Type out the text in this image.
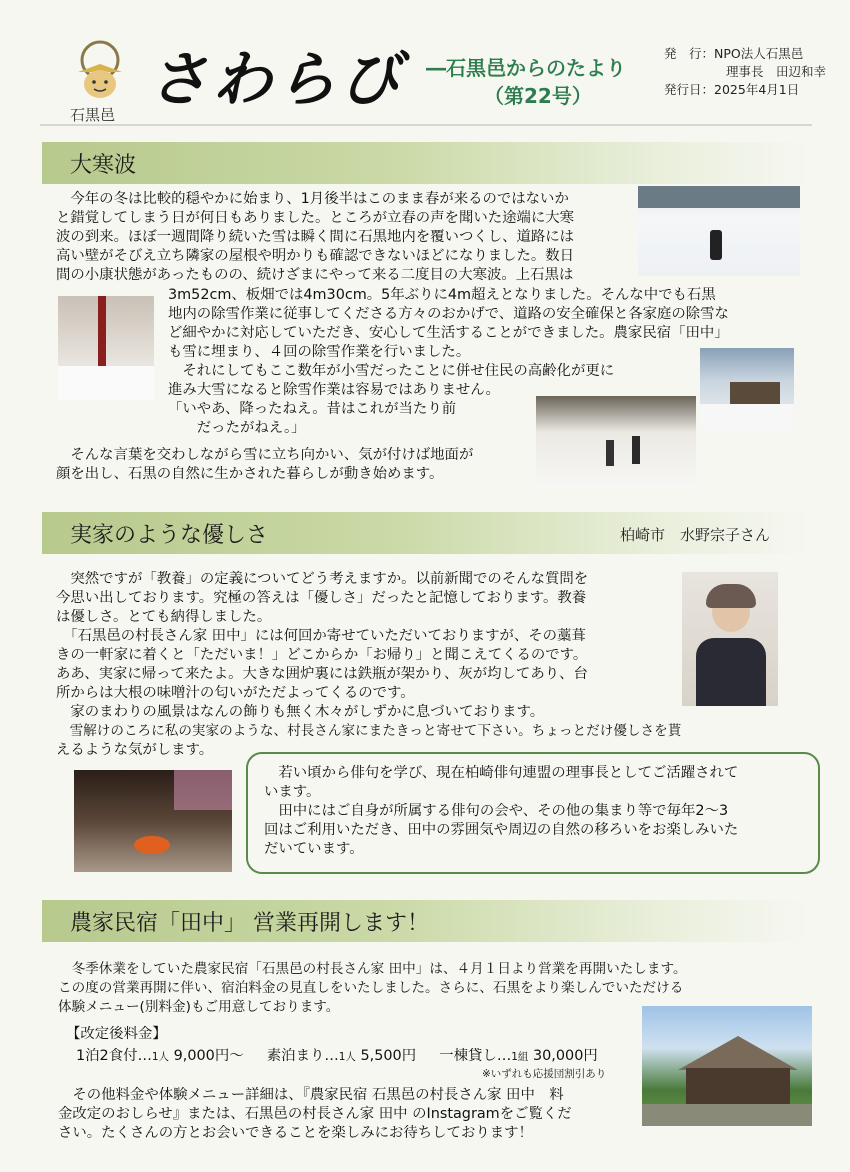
石黒邑 さわらび	―石黒邑からのたより
（第22号）
発　行：NPO法人石黒邑
理事長　田辺和幸
発行日：2025年4月1日
大寒波
　今年の冬は比較的穏やかに始まり、1月後半はこのまま春が来るのではないか
と錯覚してしまう日が何日もありました。ところが立春の声を聞いた途端に大寒
波の到来。ほぼ一週間降り続いた雪は瞬く間に石黒地内を覆いつくし、道路には
高い壁がそびえ立ち隣家の屋根や明かりも確認できないほどになりました。数日
間の小康状態があったものの、続けざまにやって来る二度目の大寒波。上石黒は
3m52cm、板畑では4m30cm。5年ぶりに4m超えとなりました。そんな中でも石黒
地内の除雪作業に従事してくださる方々のおかげで、道路の安全確保と各家庭の除雪な
ど細やかに対応していただき、安心して生活することができました。農家民宿「田中」
も雪に埋まり、４回の除雪作業を行いました。
　それにしてもここ数年が小雪だったことに併せ住民の高齢化が更に
進み大雪になると除雪作業は容易ではありません。
「いやあ、降ったねえ。昔はこれが当たり前
　　だったがねえ。」
　そんな言葉を交わしながら雪に立ち向かい、気が付けば地面が
顔を出し、石黒の自然に生かされた暮らしが動き始めます。
実家のような優しさ	柏崎市　水野宗子さん
　突然ですが「教養」の定義についてどう考えますか。以前新聞でのそんな質問を
今思い出しております。究極の答えは「優しさ」だったと記憶しております。教養
は優しさ。とても納得しました。
　「石黒邑の村長さん家 田中」には何回か寄せていただいておりますが、その藁葺
きの一軒家に着くと「ただいま！」どこからか「お帰り」と聞こえてくるのです。
ああ、実家に帰って来たよ。大きな囲炉裏には鉄瓶が架かり、灰が均してあり、台
所からは大根の味噌汁の匂いがただよってくるのです。
　家のまわりの風景はなんの飾りも無く木々がしずかに息づいております。
　雪解けのころに私の実家のような、村長さん家にまたきっと寄せて下さい。ちょっとだけ優しさを貰
えるような気がします。
　若い頃から俳句を学び、現在柏崎俳句連盟の理事長としてご活躍されて
います。
　田中にはご自身が所属する俳句の会や、その他の集まり等で毎年2～3
回はご利用いただき、田中の雰囲気や周辺の自然の移ろいをお楽しみいた
だいています。
農家民宿「田中」 営業再開します！
　冬季休業をしていた農家民宿「石黒邑の村長さん家 田中」は、４月１日より営業を再開いたします。
この度の営業再開に伴い、宿泊料金の見直しをいたしました。さらに、石黒をより楽しんでいただける
体験メニュー(別料金)もご用意しております。
【改定後料金】
1泊2食付…1人 9,000円～ 素泊まり…1人 5,500円 一棟貸し…1組 30,000円
※いずれも応援団割引あり
　その他料金や体験メニュー詳細は、『農家民宿 石黒邑の村長さん家 田中　料
金改定のおしらせ』または、石黒邑の村長さん家 田中 のInstagramをご覧くだ
さい。たくさんの方とお会いできることを楽しみにお待ちしております！
